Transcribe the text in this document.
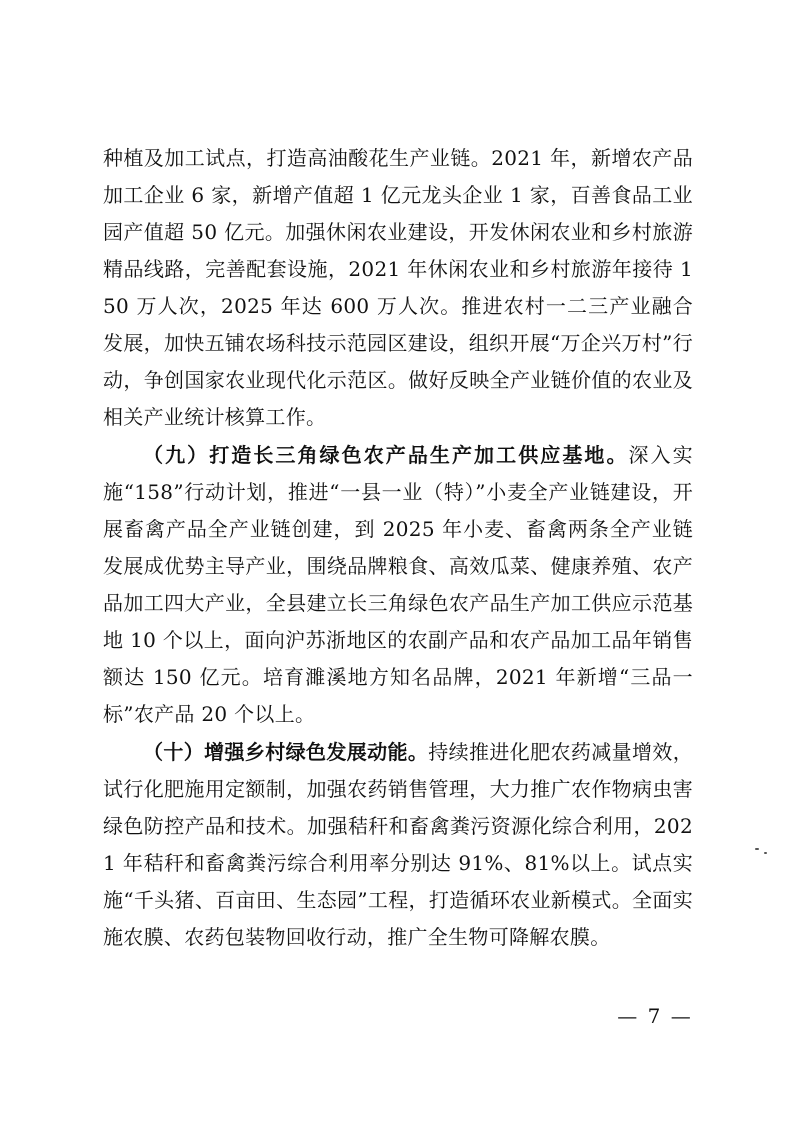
种植及加工试点，打造高油酸花生产业链。2021 年，新增农产品加工企业 6 家，新增产值超 1 亿元龙头企业 1 家，百善食品工业园产值超 50 亿元。加强休闲农业建设，开发休闲农业和乡村旅游精品线路，完善配套设施，2021 年休闲农业和乡村旅游年接待 150 万人次，2025 年达 600 万人次。推进农村一二三产业融合发展，加快五铺农场科技示范园区建设，组织开展“万企兴万村”行动，争创国家农业现代化示范区。做好反映全产业链价值的农业及相关产业统计核算工作。

（九）打造长三角绿色农产品生产加工供应基地。深入实施“158”行动计划，推进“一县一业（特）”小麦全产业链建设，开展畜禽产品全产业链创建，到 2025 年小麦、畜禽两条全产业链发展成优势主导产业，围绕品牌粮食、高效瓜菜、健康养殖、农产品加工四大产业，全县建立长三角绿色农产品生产加工供应示范基地 10 个以上，面向沪苏浙地区的农副产品和农产品加工品年销售额达 150 亿元。培育濉溪地方知名品牌，2021 年新增“三品一标”农产品 20 个以上。

（十）增强乡村绿色发展动能。持续推进化肥农药减量增效，试行化肥施用定额制，加强农药销售管理，大力推广农作物病虫害绿色防控产品和技术。加强秸秆和畜禽粪污资源化综合利用，2021 年秸秆和畜禽粪污综合利用率分别达 91%、81%以上。试点实施“千头猪、百亩田、生态园”工程，打造循环农业新模式。全面实施农膜、农药包装物回收行动，推广全生物可降解农膜。

— 7 —
